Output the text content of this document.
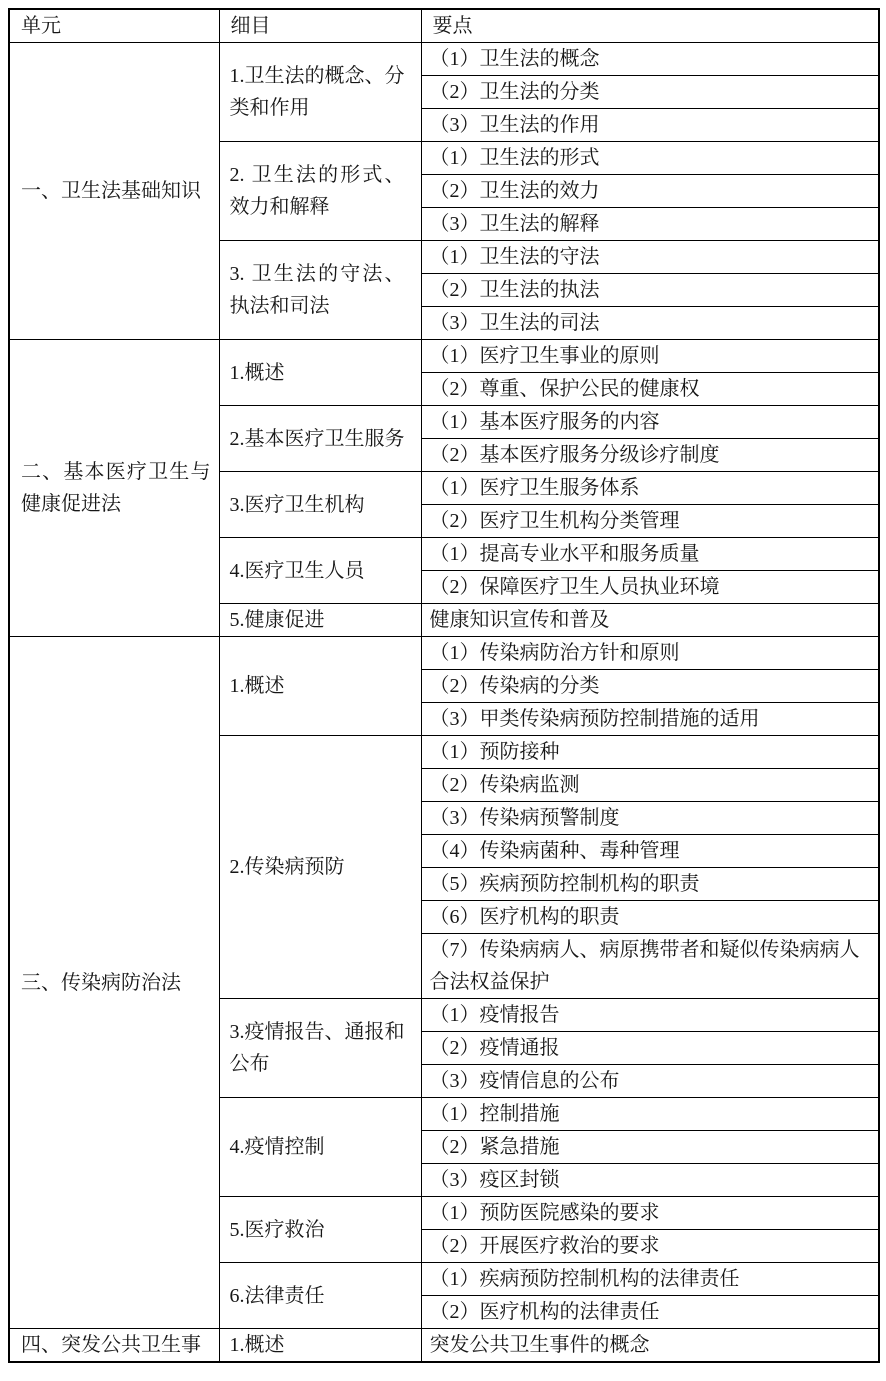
单元	细目	要点
一、卫生法基础知识	1.卫生法的概念、分类和作用	（1）卫生法的概念
		（2）卫生法的分类
		（3）卫生法的作用
	2. 卫生法的形式、效力和解释	（1）卫生法的形式
		（2）卫生法的效力
		（3）卫生法的解释
	3. 卫生法的守法、执法和司法	（1）卫生法的守法
		（2）卫生法的执法
		（3）卫生法的司法
二、基本医疗卫生与健康促进法	1.概述	（1）医疗卫生事业的原则
		（2）尊重、保护公民的健康权
	2.基本医疗卫生服务	（1）基本医疗服务的内容
		（2）基本医疗服务分级诊疗制度
	3.医疗卫生机构	（1）医疗卫生服务体系
		（2）医疗卫生机构分类管理
	4.医疗卫生人员	（1）提高专业水平和服务质量
		（2）保障医疗卫生人员执业环境
	5.健康促进	健康知识宣传和普及
三、传染病防治法	1.概述	（1）传染病防治方针和原则
		（2）传染病的分类
		（3）甲类传染病预防控制措施的适用
	2.传染病预防	（1）预防接种
		（2）传染病监测
		（3）传染病预警制度
		（4）传染病菌种、毒种管理
		（5）疾病预防控制机构的职责
		（6）医疗机构的职责
		（7）传染病病人、病原携带者和疑似传染病病人合法权益保护
	3.疫情报告、通报和公布	（1）疫情报告
		（2）疫情通报
		（3）疫情信息的公布
	4.疫情控制	（1）控制措施
		（2）紧急措施
		（3）疫区封锁
	5.医疗救治	（1）预防医院感染的要求
		（2）开展医疗救治的要求
	6.法律责任	（1）疾病预防控制机构的法律责任
		（2）医疗机构的法律责任
四、突发公共卫生事	1.概述	突发公共卫生事件的概念
